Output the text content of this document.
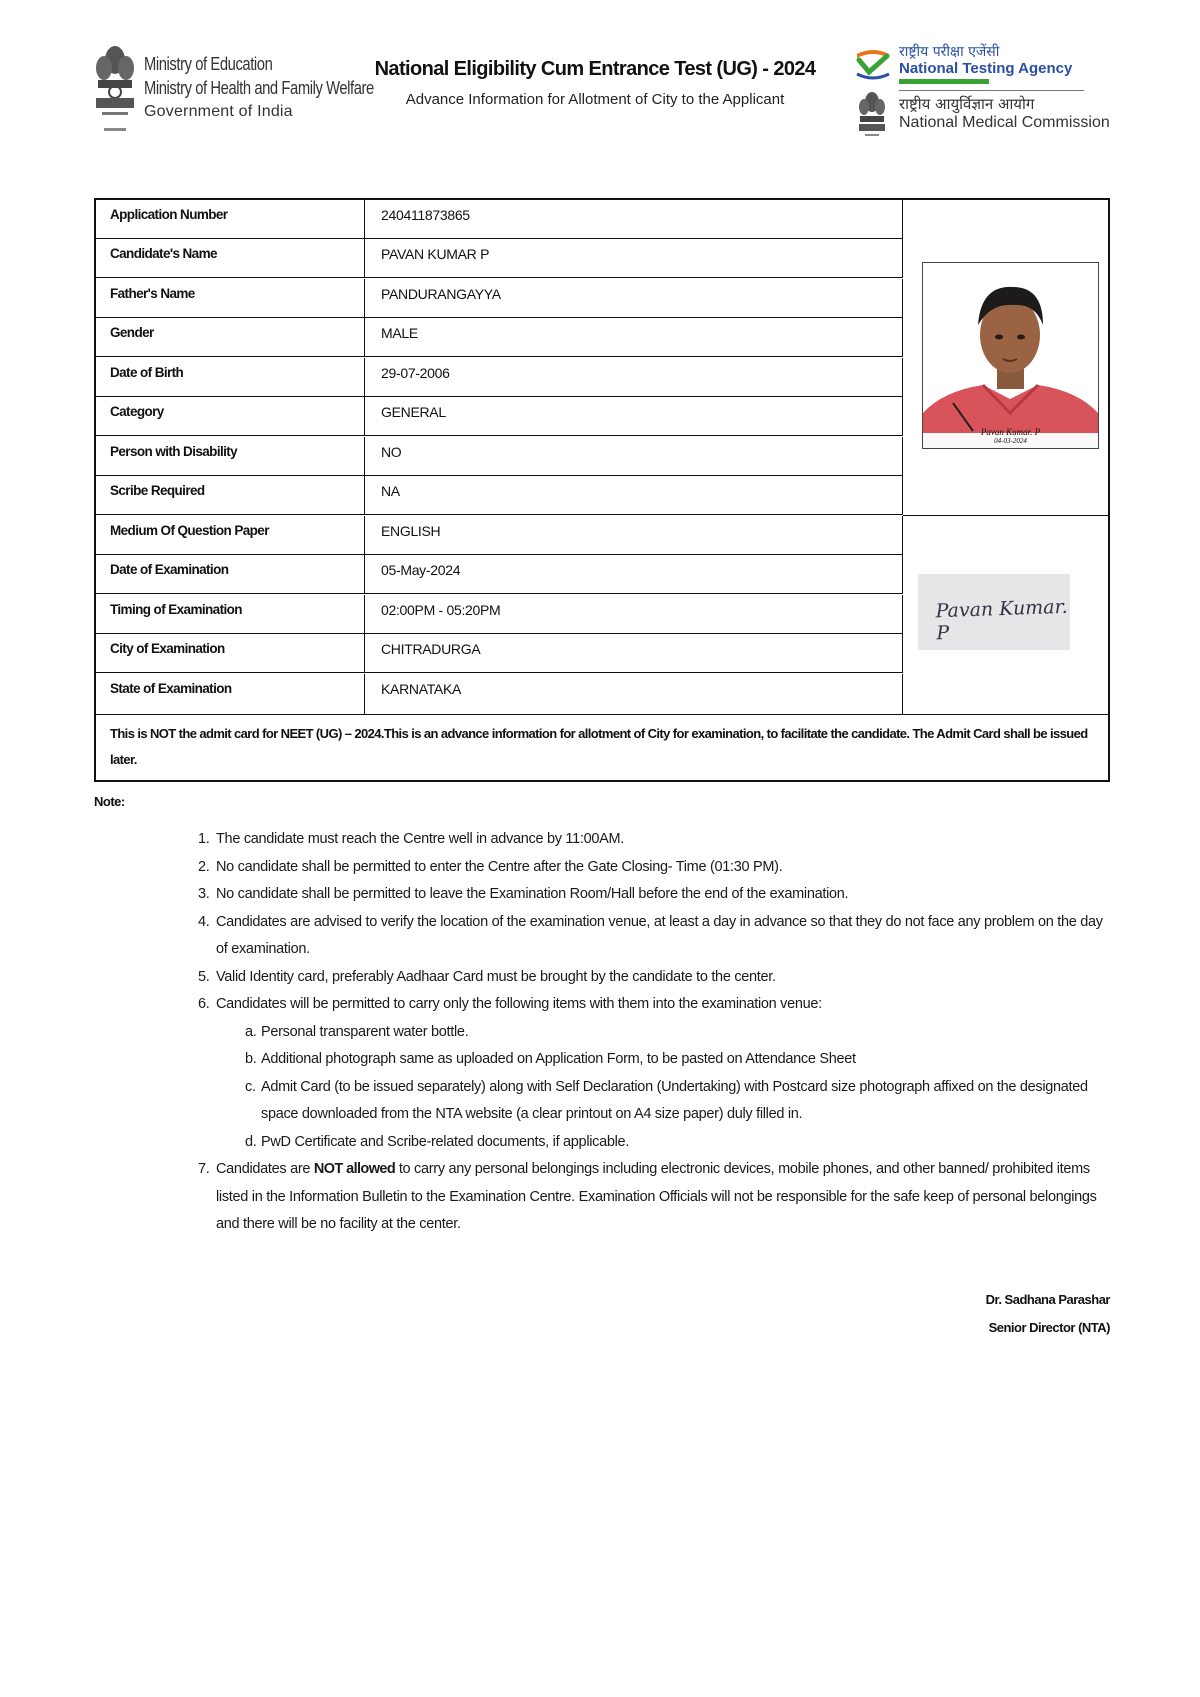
Ministry of Education
Ministry of Health and Family Welfare
Government of India
National Eligibility Cum Entrance Test (UG) - 2024
Advance Information for Allotment of City to the Applicant
राष्ट्रीय परीक्षा एजेंसी
National Testing Agency
राष्ट्रीय आयुर्विज्ञान आयोग
National Medical Commission
Application Number	240411873865
Candidate's Name	PAVAN KUMAR P
Father's Name	PANDURANGAYYA
Gender	MALE
Date of Birth	29-07-2006
Category	GENERAL
Person with Disability	NO
Scribe Required	NA
Medium Of Question Paper	ENGLISH
Date of Examination	05-May-2024
Timing of Examination	02:00PM - 05:20PM
City of Examination	CHITRADURGA
State of Examination	KARNATAKA
Pavan Kumar. P
04-03-2024
Pavan Kumar. P
This is NOT the admit card for NEET (UG) – 2024.This is an advance information for allotment of City for examination, to facilitate the candidate. The Admit Card shall be issued later.
Note:
1. The candidate must reach the Centre well in advance by 11:00AM.
2. No candidate shall be permitted to enter the Centre after the Gate Closing- Time (01:30 PM).
3. No candidate shall be permitted to leave the Examination Room/Hall before the end of the examination.
4. Candidates are advised to verify the location of the examination venue, at least a day in advance so that they do not face any problem on the day of examination.
5. Valid Identity card, preferably Aadhaar Card must be brought by the candidate to the center.
6. Candidates will be permitted to carry only the following items with them into the examination venue:
a. Personal transparent water bottle.
b. Additional photograph same as uploaded on Application Form, to be pasted on Attendance Sheet
c. Admit Card (to be issued separately) along with Self Declaration (Undertaking) with Postcard size photograph affixed on the designated space downloaded from the NTA website (a clear printout on A4 size paper) duly filled in.
d. PwD Certificate and Scribe-related documents, if applicable.
7. Candidates are NOT allowed to carry any personal belongings including electronic devices, mobile phones, and other banned/ prohibited items listed in the Information Bulletin to the Examination Centre. Examination Officials will not be responsible for the safe keep of personal belongings and there will be no facility at the center.
Dr. Sadhana Parashar
Senior Director (NTA)
